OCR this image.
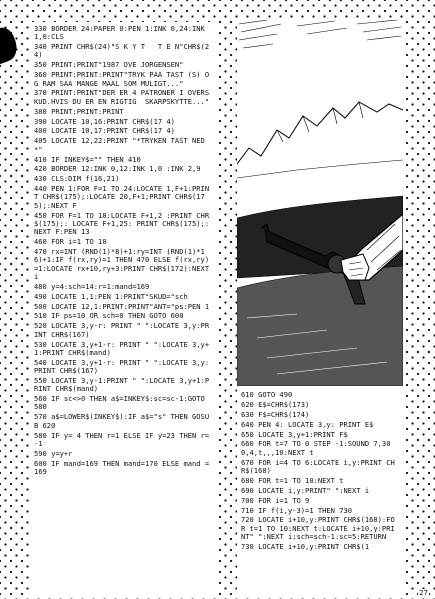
330 BORDER 24:PAPER 0:PEN 1:INK 0,24:INK 1,0:CLS
340 PRINT CHR$(24)"S K Y T   T E N"CHR$(24)
350 PRINT:PRINT"1987 OVE JORGENSEN"
360 PRINT:PRINT:PRINT"TRYK PAA TAST (S) OG RAM SAA MANGE MAAL SOM MULIGT..."
370 PRINT:PRINT"DER ER 4 PATRONER I OVERSKUD.HVIS DU ER EN RIGTIG  SKARPSKYTTE..."
380 PRINT:PRINT:PRINT
390 LOCATE 10,16:PRINT CHR$(17 4)
400 LOCATE 10,17:PRINT CHR$(17 4)
405 LOCATE 12,22:PRINT "*TRYKEN TAST NED*"
410 IF INKEY$="" THEN 410
420 BORDER 12:INK 0,12:INK 1,0 :INK 2,9
430 CLS:DIM f(16,21)
440 PEN 1:FOR F=1 TO 24:LOCATE 1,F+1:PRINT CHR$(175);:LOCATE 20,F+1;PRINT CHR$(175);:NEXT F
450 FOR F=1 TO 18:LOCATE F+1,2 :PRINT CHR$(175);: LOCATE F+1,25: PRINT CHR$(175);:NEXT F:PEN 13
460 FOR i=1 TO 10
470 rx=INT (RND(1)*8)+1:ry=INT (RND(1)*16)+1:IF f(rx,ry)=1 THEN 470 ELSE f(rx,ry)=1:LOCATE rx+10,ry+3:PRINT CHR$(172):NEXT i
480 y=4:sch=14:r=1:mand=169
490 LOCATE 1,1:PEN 1:PRINT"SKUD="sch
500 LOCATE 12,1:PRINT:PRINT"ANT="ps:PEN 1
510 IF ps=10 OR sch=0 THEN GOTO 600
520 LOCATE 3,y-r: PRINT " ":LOCATE 3,y:PRINT CHR$(167)
530 LOCATE 3,y+1-r: PRINT " ":LOCATE 3,y+1:PRINT CHR$(mand)
540 LOCATE 3,y+1-r: PRINT " ":LOCATE 3,y:PRINT CHR$(167)
550 LOCATE 3,y-1:PRINT " ":LOCATE 3,y+1:PRINT CHR$(mand)
560 IF sc<>0 THEN a$=INKEY$:sc=sc-1:GOTO 580
570 a$=LOWER$(INKEY$):IF a$="s" THEN GOSUB 620
580 IF y= 4 THEN r=1 ELSE IF y=23 THEN r=-1
590 y=y+r
600 IF mand=169 THEN mand=170 ELSE mand = 169
610 GOTO 490
620 E$=CHR$(173)
630 F$=CHR$(174)
640 PEN 4: LOCATE 3,y: PRINT E$
650 LOCATE 3,y+1:PRINT F$
660 FOR t=7 TO 0 STEP -1:SOUND 7,300,4,t,,,10:NEXT t
670 FOR i=4 TO 6:LOCATE i,y:PRINT CHR$(168)
680 FOR t=1 TO 10:NEXT t
690 LOCATE i,y:PRINT" ":NEXT i
700 FOR i=1 TO 9
710 IF f(i,y-3)=1 THEN 730
720 LOCATE i+10,y:PRINT CHR$(168):FOR t=1 TO 10:NEXT t:LOCATE i+10,y:PRINT" ":NEXT i:sch=sch-1:sc=5:RETURN
730 LOCATE i+10,y:PRINT CHR$(1
27
